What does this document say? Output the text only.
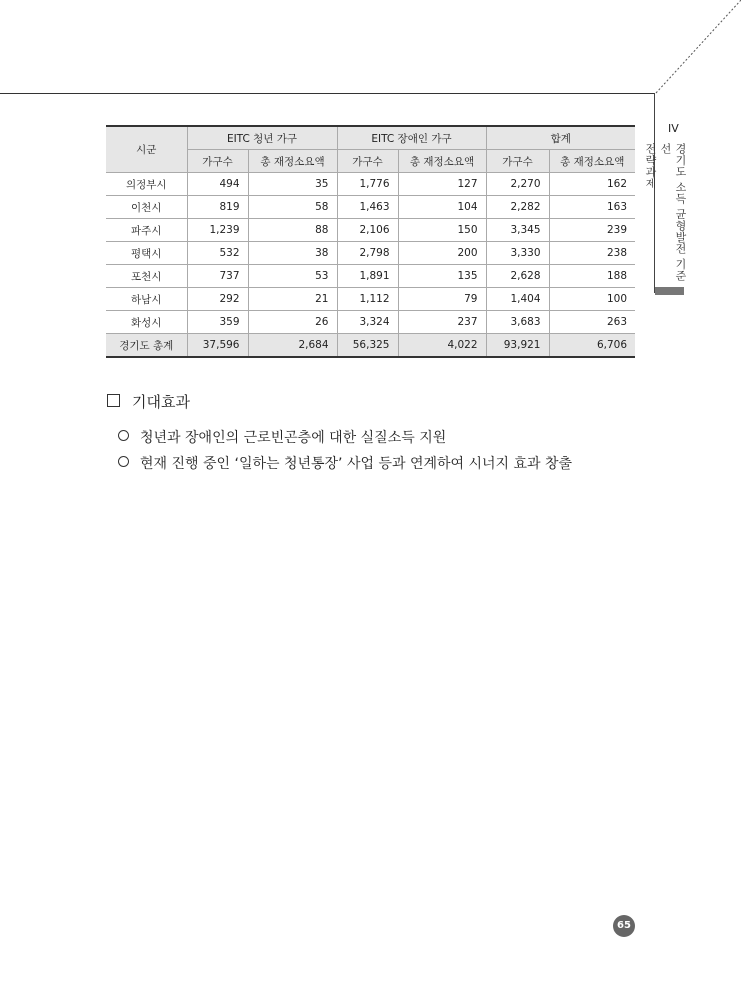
IV
경기도 소득 균형발전 기준선
전략과제
시군	EITC 청년 가구		EITC 장애인 가구		합계	
	가구수	총 재정소요액	가구수	총 재정소요액	가구수	총 재정소요액
의정부시	494	35	1,776	127	2,270	162
이천시	819	58	1,463	104	2,282	163
파주시	1,239	88	2,106	150	3,345	239
평택시	532	38	2,798	200	3,330	238
포천시	737	53	1,891	135	2,628	188
하남시	292	21	1,112	79	1,404	100
화성시	359	26	3,324	237	3,683	263
경기도 총계	37,596	2,684	56,325	4,022	93,921	6,706
기대효과
청년과 장애인의 근로빈곤층에 대한 실질소득 지원
현재 진행 중인 ‘일하는 청년통장’ 사업 등과 연계하여 시너지 효과 창출
65
